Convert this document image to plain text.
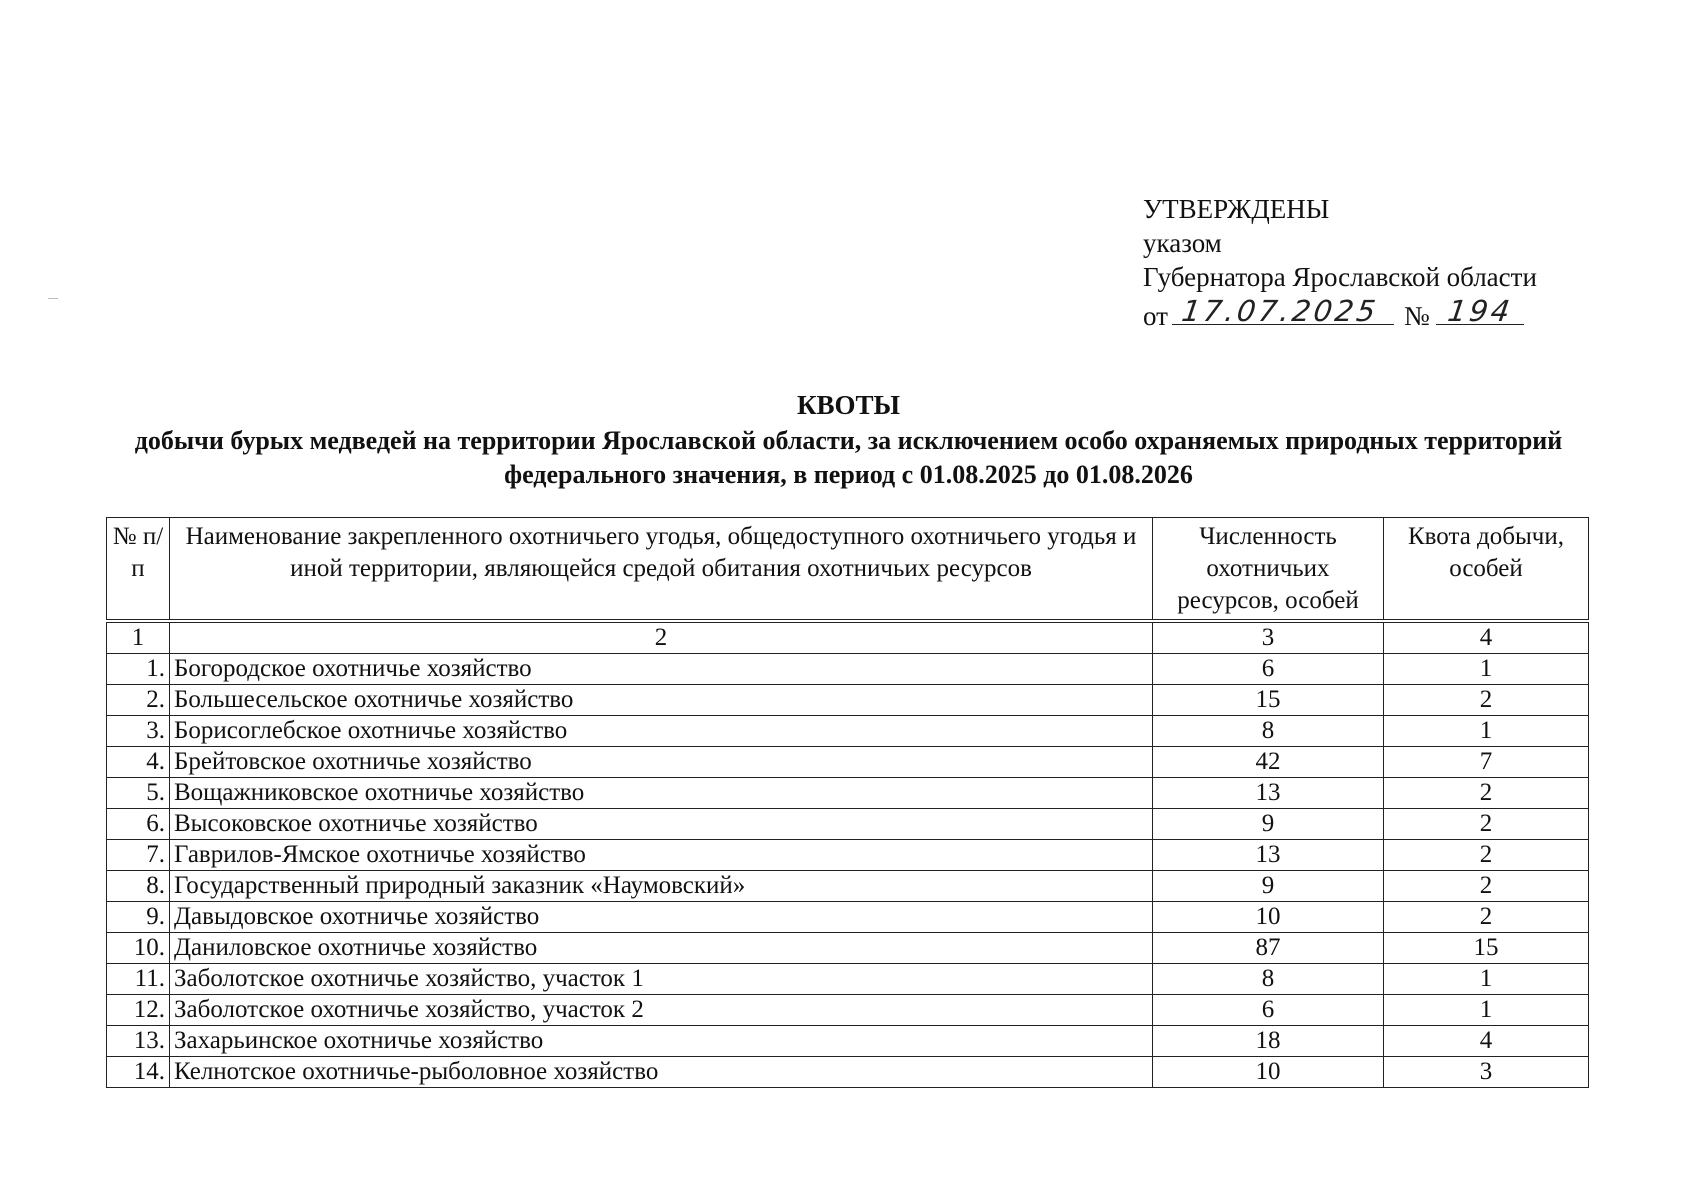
УТВЕРЖДЕНЫ
указом
Губернатора Ярославской области
от 17.07.2025 № 194
КВОТЫ
добычи бурых медведей на территории Ярославской области, за исключением особо охраняемых природных территорий федерального значения, в период с 01.08.2025 до 01.08.2026
№ п/п	Наименование закрепленного охотничьего угодья, общедоступного охотничьего угодья и иной территории, являющейся средой обитания охотничьих ресурсов	Численность охотничьих ресурсов, особей	Квота добычи, особей

1	2	3	4
1.	Богородское охотничье хозяйство	6	1
2.	Большесельское охотничье хозяйство	15	2
3.	Борисоглебское охотничье хозяйство	8	1
4.	Брейтовское охотничье хозяйство	42	7
5.	Вощажниковское охотничье хозяйство	13	2
6.	Высоковское охотничье хозяйство	9	2
7.	Гаврилов-Ямское охотничье хозяйство	13	2
8.	Государственный природный заказник «Наумовский»	9	2
9.	Давыдовское охотничье хозяйство	10	2
10.	Даниловское охотничье хозяйство	87	15
11.	Заболотское охотничье хозяйство, участок 1	8	1
12.	Заболотское охотничье хозяйство, участок 2	6	1
13.	Захарьинское охотничье хозяйство	18	4
14.	Келнотское охотничье-рыболовное хозяйство	10	3
